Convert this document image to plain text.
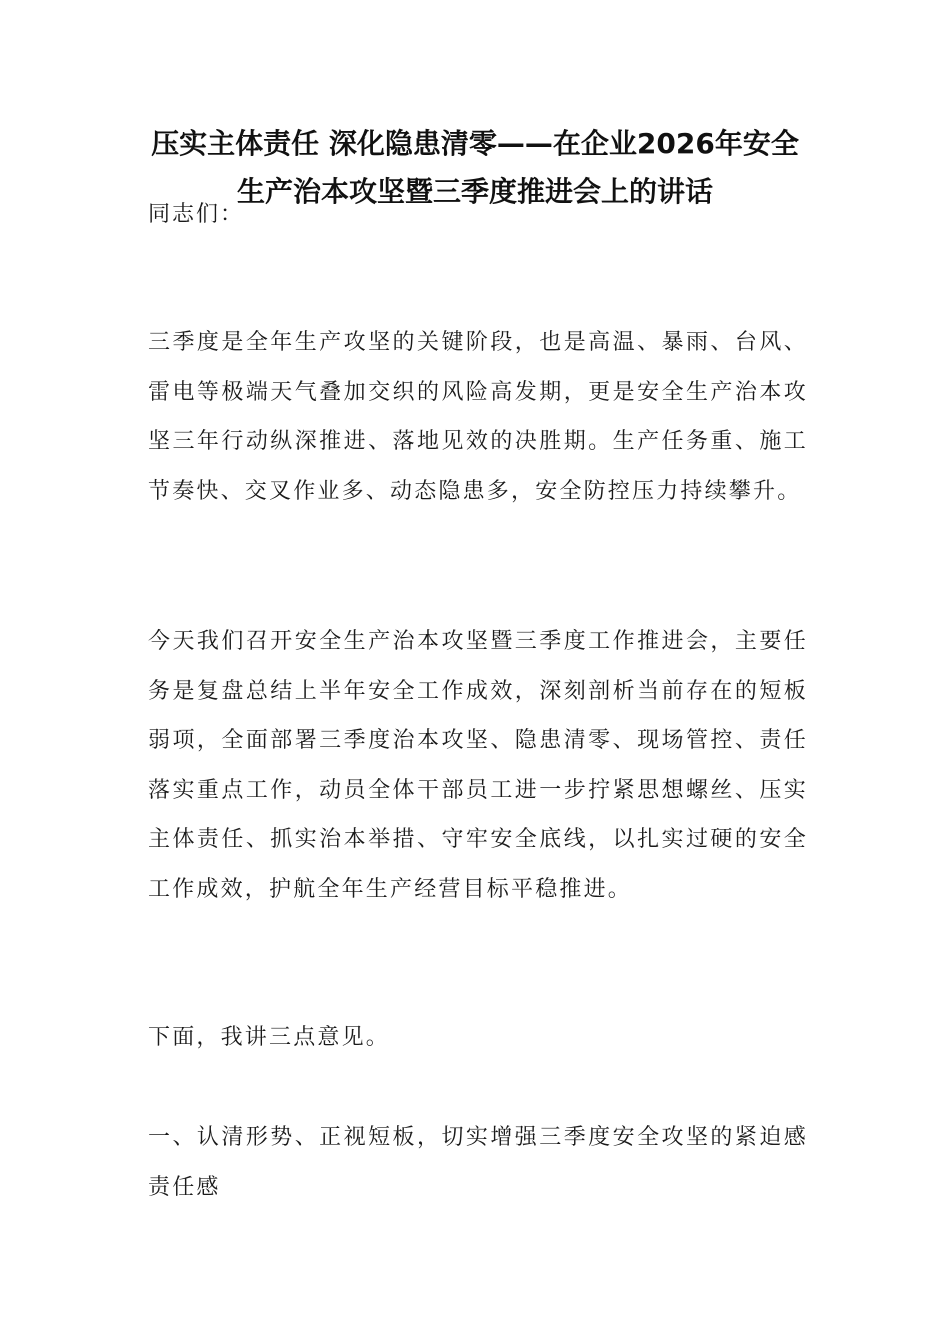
压实主体责任 深化隐患清零——在企业2026年安全
生产治本攻坚暨三季度推进会上的讲话
同志们：

三季度是全年生产攻坚的关键阶段，也是高温、暴雨、台风、雷电等极端天气叠加交织的风险高发期，更是安全生产治本攻坚三年行动纵深推进、落地见效的决胜期。生产任务重、施工节奏快、交叉作业多、动态隐患多，安全防控压力持续攀升。

今天我们召开安全生产治本攻坚暨三季度工作推进会，主要任务是复盘总结上半年安全工作成效，深刻剖析当前存在的短板弱项，全面部署三季度治本攻坚、隐患清零、现场管控、责任落实重点工作，动员全体干部员工进一步拧紧思想螺丝、压实主体责任、抓实治本举措、守牢安全底线，以扎实过硬的安全工作成效，护航全年生产经营目标平稳推进。

下面，我讲三点意见。

一、认清形势、正视短板，切实增强三季度安全攻坚的紧迫感责任感
